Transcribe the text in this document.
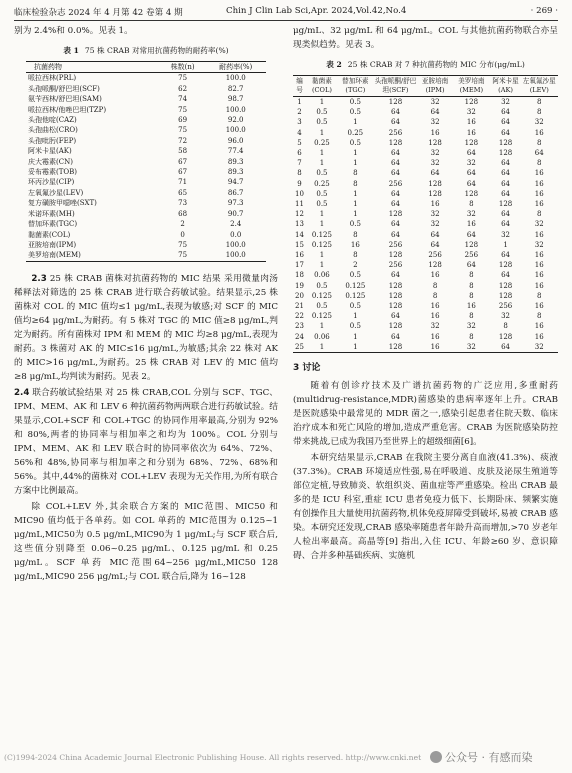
临床检验杂志 2024 年 4 月第 42 卷第 4 期	Chin J Clin Lab Sci,Apr. 2024,Vol.42,No.4	· 269 ·

别为 2.4%和 0.0%。见表 1。

表 1 75 株 CRAB 对常用抗菌药物的耐药率(%)
抗菌药物	株数(n)	耐药率(%)
哌拉西林(PRL)	75	100.0
头孢哌酮/舒巴坦(SCF)	62	82.7
氨苄西林/舒巴坦(SAM)	74	98.7
哌拉西林/他唑巴坦(TZP)	75	100.0
头孢他啶(CAZ)	69	92.0
头孢曲松(CRO)	75	100.0
头孢吡肟(FEP)	72	96.0
阿米卡星(AK)	58	77.4
庆大霉素(CN)	67	89.3
妥布霉素(TOB)	67	89.3
环丙沙星(CIP)	71	94.7
左氧氟沙星(LEV)	65	86.7
复方磺胺甲噁唑(SXT)	73	97.3
米诺环素(MH)	68	90.7
替加环素(TGC)	2	2.4
黏菌素(COL)	0	0.0
亚胺培南(IPM)	75	100.0
美罗培南(MEM)	75	100.0

2.3 25 株 CRAB 菌株对抗菌药物的 MIC 结果 采用微量肉汤稀释法对筛选的 25 株 CRAB 进行联合药敏试验。结果显示,25 株菌株对 COL 的 MIC 值均≤1 μg/mL,表现为敏感;对 SCF 的 MIC 值均≥64 μg/mL,为耐药。有 5 株对 TGC 的 MIC 值≥8 μg/mL,判定为耐药。所有菌株对 IPM 和 MEM 的 MIC 均≥8 μg/mL,表现为耐药。3 株菌对 AK 的 MIC≤16 μg/mL,为敏感;其余 22 株对 AK 的 MIC>16 μg/mL,为耐药。25 株 CRAB 对 LEV 的 MIC 值均≥8 μg/mL,均判读为耐药。见表 2。

2.4 联合药敏试验结果 对 25 株 CRAB,COL 分别与 SCF、TGC、IPM、MEM、AK 和 LEV 6 种抗菌药物两两联合进行药敏试验。结果显示,COL+SCF 和 COL+TGC 的协同作用率最高,分别为 92%和 80%,两者的协同率与相加率之和均为 100%。COL 分别与 IPM、MEM、AK 和 LEV 联合时的协同率依次为 64%、72%、56%和 48%,协同率与相加率之和分别为 68%、72%、68%和 56%。其中,44%的菌株对 COL+LEV 表现为无关作用,为所有联合方案中比例最高。

除 COL+LEV 外,其余联合方案的 MIC范围、MIC50 和 MIC90 值均低于各单药。如 COL 单药的 MIC范围为 0.125~1 μg/mL,MIC50为 0.5 μg/mL,MIC90为 1 μg/mL;与 SCF 联合后,这些值分别降至 0.06~0.25 μg/mL、0.125 μg/mL 和 0.25 μg/mL。SCF 单药 MIC范围64~256 μg/mL,MIC50 128 μg/mL,MIC90 256 μg/mL;与 COL 联合后,降为 16~128

μg/mL、32 μg/mL 和 64 μg/mL。COL 与其他抗菌药物联合亦呈现类似趋势。见表 3。

表 2 25 株 CRAB 对 7 种抗菌药物的 MIC 分布(μg/mL)
编号	黏菌素(COL)	替加环素(TGC)	头孢哌酮/舒巴坦(SCF)	亚胺培南(IPM)	美罗培南(MEM)	阿米卡星(AK)	左氧氟沙星(LEV)
1	1	0.5	128	32	128	32	8
2	0.5	0.5	64	64	32	64	8
3	0.5	1	64	32	16	64	32
4	1	0.25	256	16	16	64	16
5	0.25	0.5	128	128	128	128	8
6	1	1	64	32	64	128	64
7	1	1	64	32	32	64	8
8	0.5	8	64	64	64	64	16
9	0.25	8	256	128	64	64	16
10	0.5	1	64	128	128	64	16
11	0.5	1	64	16	8	128	16
12	1	1	128	32	32	64	8
13	1	0.5	64	32	16	64	32
14	0.125	8	64	64	64	32	16
15	0.125	16	256	64	128	1	32
16	1	8	128	256	256	64	16
17	1	2	256	128	64	128	16
18	0.06	0.5	64	16	8	64	16
19	0.5	0.125	128	8	8	128	16
20	0.125	0.125	128	8	8	128	8
21	0.5	0.5	128	16	16	256	16
22	0.125	1	64	16	8	32	8
23	1	0.5	128	32	32	8	16
24	0.06	1	64	16	8	128	16
25	1	1	128	16	32	64	32
3 讨论

随着有创诊疗技术及广谱抗菌药物的广泛应用,多重耐药(multidrug-resistance,MDR)菌感染的患病率逐年上升。CRAB 是医院感染中最常见的 MDR 菌之一,感染引起患者住院天数、临床治疗成本和死亡风险的增加,造成严重危害。CRAB 为医院感染防控带来挑战,已成为我国乃至世界上的超级细菌[6]。

本研究结果显示,CRAB 在我院主要分离自血液(41.3%)、痰液(37.3%)。CRAB 环境适应性强,易在呼吸道、皮肤及泌尿生殖道等部位定植,导致肺炎、软组织炎、菌血症等严重感染。检出 CRAB 最多的是 ICU 科室,重症 ICU 患者免疫力低下、长期卧床、频繁实施有创操作且大量使用抗菌药物,机体免疫屏障受到破坏,易被 CRAB 感染。本研究还发现,CRAB 感染率随患者年龄升高而增加,>70 岁老年人检出率最高。高晶等[9] 指出,入住 ICU、年龄≥60 岁、意识障碍、合并多种基础疾病、实施机

(C)1994-2024 China Academic Journal Electronic Publishing House. All rights reserved. http://www.cnki.net	公众号 · 有感而染
